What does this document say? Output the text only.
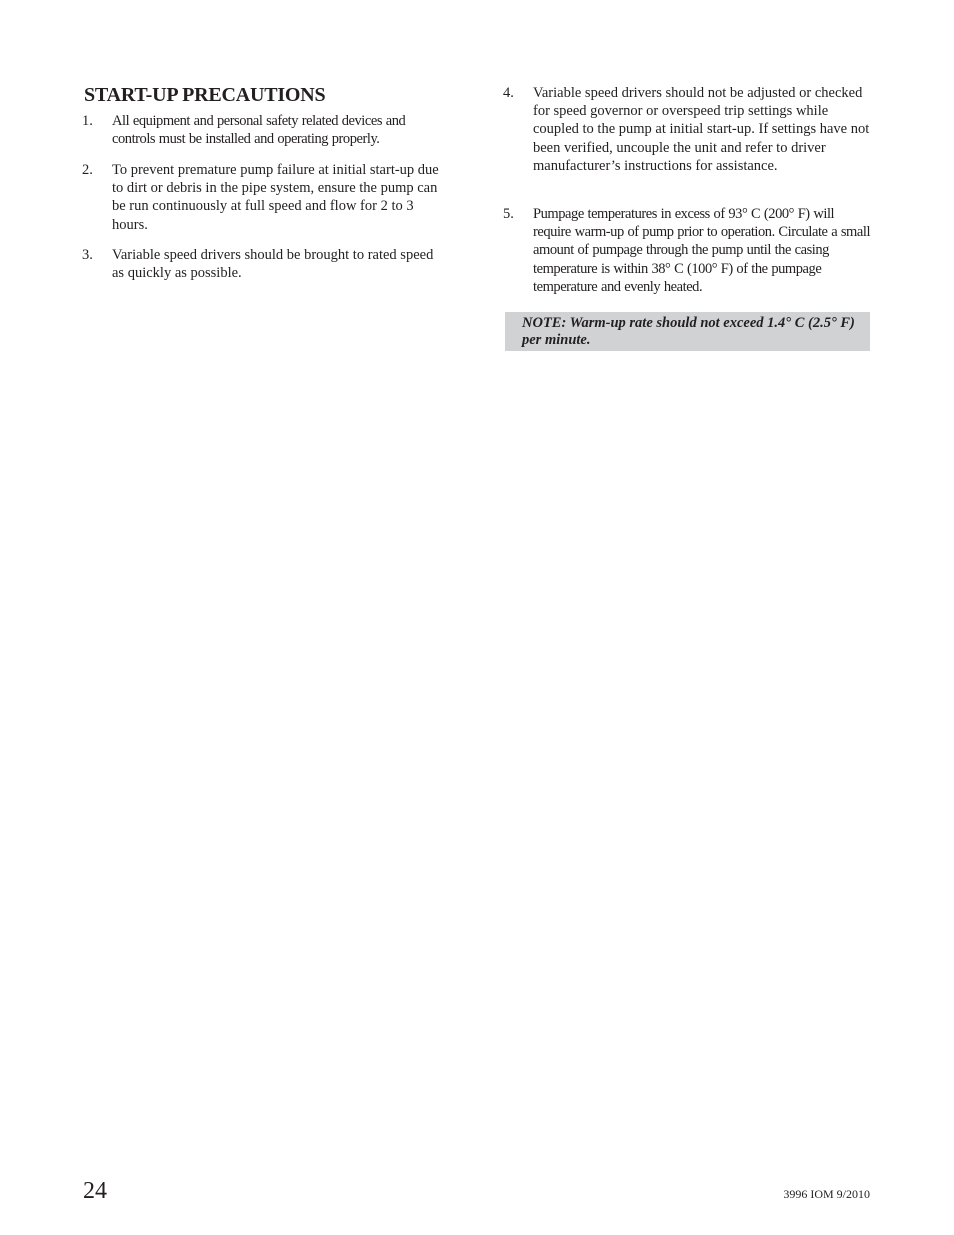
START-UP PRECAUTIONS
1. All equipment and personal safety related devices and controls must be installed and operating properly.
2. To prevent premature pump failure at initial start-up due to dirt or debris in the pipe system, ensure the pump can be run continuously at full speed and flow for 2 to 3 hours.
3. Variable speed drivers should be brought to rated speed as quickly as possible.
4. Variable speed drivers should not be adjusted or checked for speed governor or overspeed trip settings while coupled to the pump at initial start-up. If settings have not been verified, uncouple the unit and refer to driver manufacturer’s instructions for assistance.
5. Pumpage temperatures in excess of 93° C (200° F) will require warm-up of pump prior to operation. Circulate a small amount of pumpage through the pump until the casing temperature is within 38° C (100° F) of the pumpage temperature and evenly heated.
NOTE: Warm-up rate should not exceed 1.4° C (2.5° F) per minute.
24	3996 IOM 9/2010
